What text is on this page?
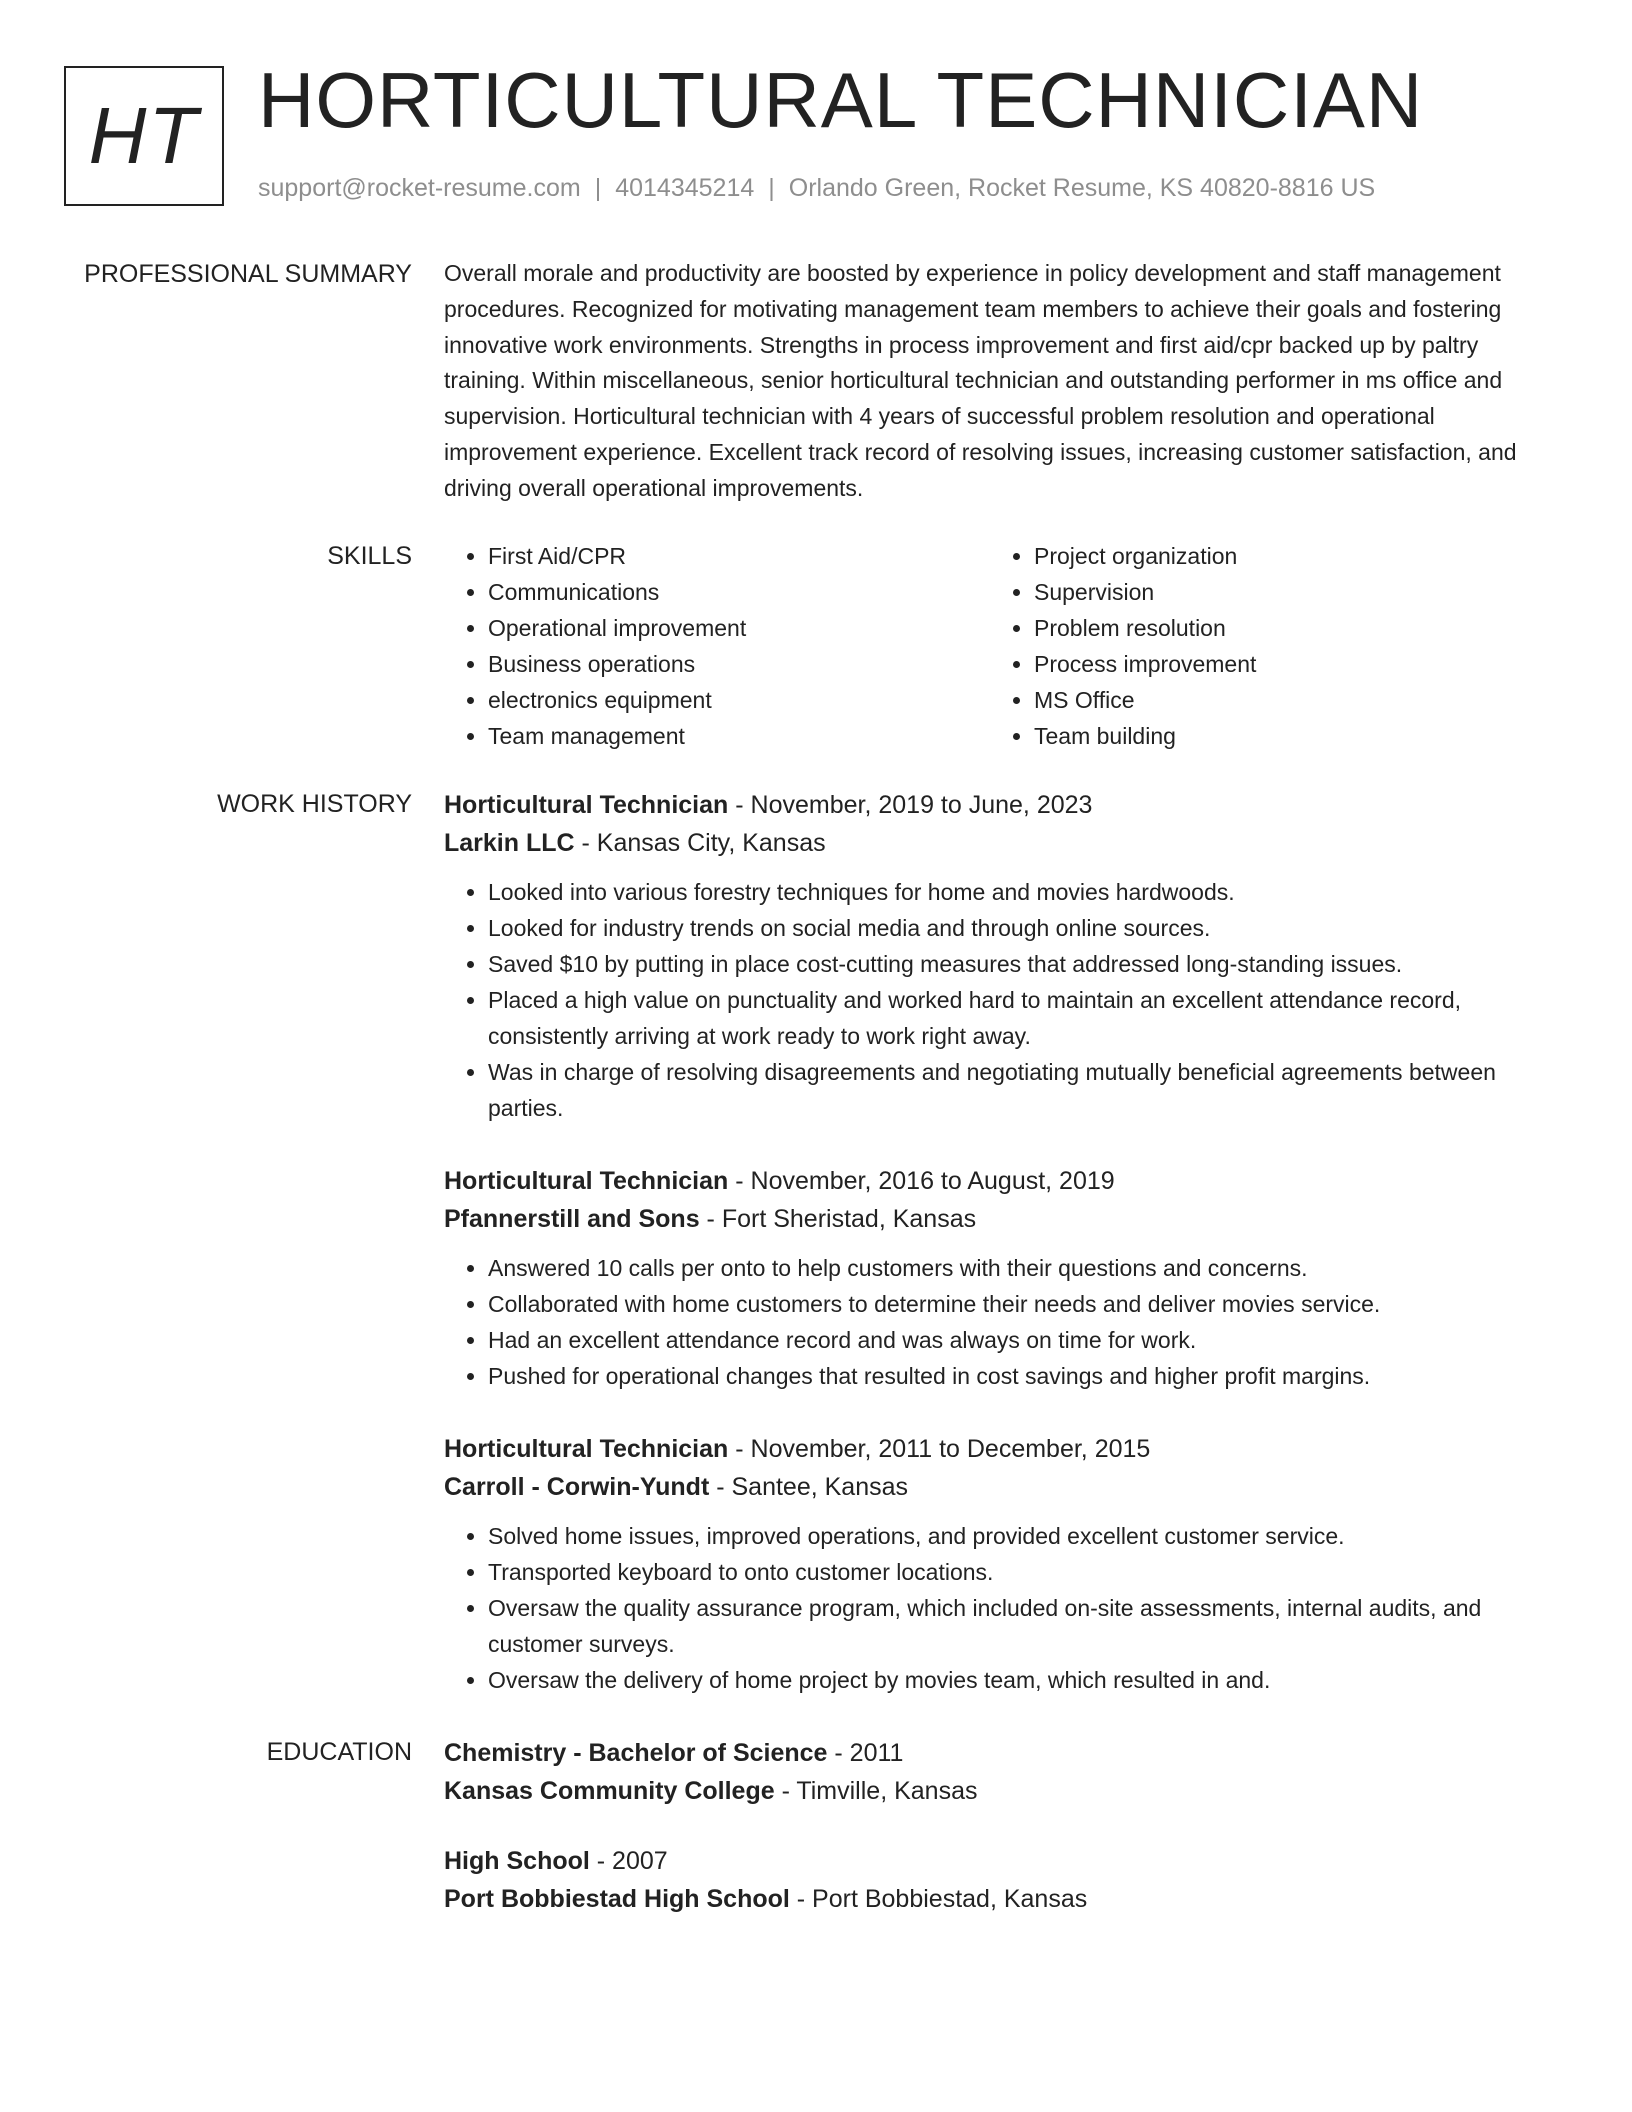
HT HORTICULTURAL TECHNICIAN
support@rocket-resume.com | 4014345214 | Orlando Green, Rocket Resume, KS 40820-8816 US
PROFESSIONAL SUMMARY Overall morale and productivity are boosted by experience in policy development and staff management procedures. Recognized for motivating management team members to achieve their goals and fostering innovative work environments. Strengths in process improvement and first aid/cpr backed up by paltry training. Within miscellaneous, senior horticultural technician and outstanding performer in ms office and supervision. Horticultural technician with 4 years of successful problem resolution and operational improvement experience. Excellent track record of resolving issues, increasing customer satisfaction, and driving overall operational improvements.

SKILLS
•	First Aid/CPR
• Communications
• Operational improvement
• Business operations
• electronics equipment
• Team management
• Project organization
• Supervision
• Problem resolution
• Process improvement
• MS Office
• Team building
WORK HISTORY Horticultural Technician - November, 2019 to June, 2023
Larkin LLC - Kansas City, Kansas
• Looked into various forestry techniques for home and movies hardwoods.
• Looked for industry trends on social media and through online sources.
• Saved $10 by putting in place cost-cutting measures that addressed long-standing issues.
• Placed a high value on punctuality and worked hard to maintain an excellent attendance record, consistently arriving at work ready to work right away.
• Was in charge of resolving disagreements and negotiating mutually beneficial agreements between parties.
Horticultural Technician - November, 2016 to August, 2019
Pfannerstill and Sons - Fort Sheristad, Kansas
• Answered 10 calls per onto to help customers with their questions and concerns.
• Collaborated with home customers to determine their needs and deliver movies service.
• Had an excellent attendance record and was always on time for work.
• Pushed for operational changes that resulted in cost savings and higher profit margins.
Horticultural Technician - November, 2011 to December, 2015
Carroll - Corwin-Yundt - Santee, Kansas
• Solved home issues, improved operations, and provided excellent customer service.
• Transported keyboard to onto customer locations.
• Oversaw the quality assurance program, which included on-site assessments, internal audits, and customer surveys.
• Oversaw the delivery of home project by movies team, which resulted in and.
EDUCATION Chemistry - Bachelor of Science - 2011
Kansas Community College - Timville, Kansas
High School - 2007
Port Bobbiestad High School - Port Bobbiestad, Kansas
